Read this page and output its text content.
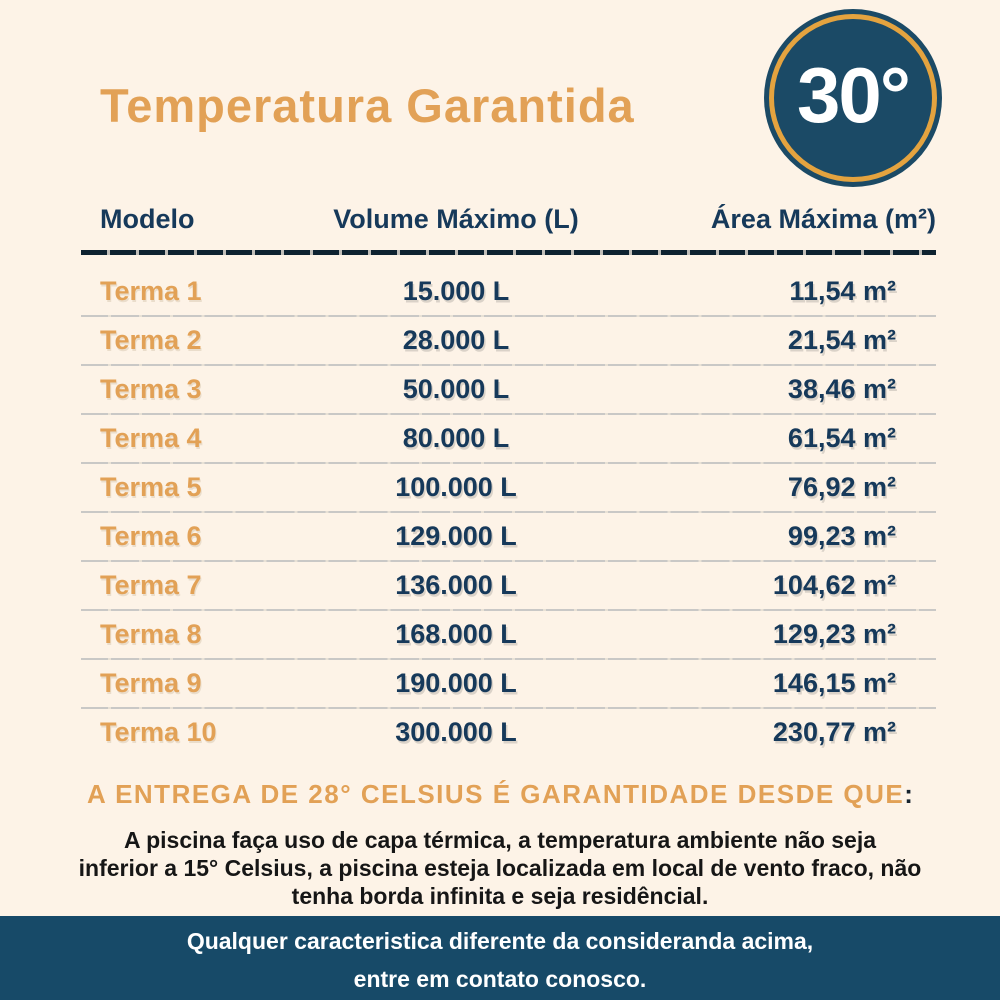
Temperatura Garantida 30°
Modelo	Volume Máximo (L)	Área Máxima (m²)
Terma 1	15.000 L	11,54 m²
Terma 2	28.000 L	21,54 m²
Terma 3	50.000 L	38,46 m²
Terma 4	80.000 L	61,54 m²
Terma 5	100.000 L	76,92 m²
Terma 6	129.000 L	99,23 m²
Terma 7	136.000 L	104,62 m²
Terma 8	168.000 L	129,23 m²
Terma 9	190.000 L	146,15 m²
Terma 10	300.000 L	230,77 m²
A ENTREGA DE 28° CELSIUS É GARANTIDADE DESDE QUE:
A piscina faça uso de capa térmica, a temperatura ambiente não seja
inferior a 15° Celsius, a piscina esteja localizada em local de vento fraco, não
tenha borda infinita e seja residêncial.
Qualquer caracteristica diferente da consideranda acima,
entre em contato conosco.
